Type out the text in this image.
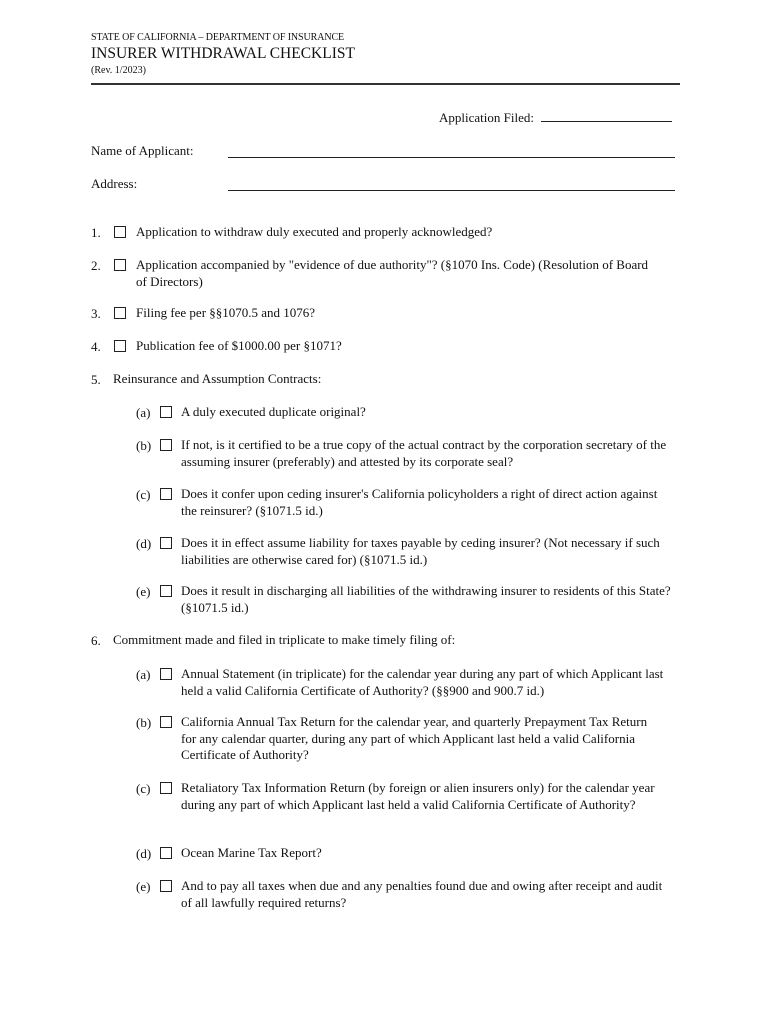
STATE OF CALIFORNIA – DEPARTMENT OF INSURANCE
INSURER WITHDRAWAL CHECKLIST
(Rev. 1/2023)
Application Filed:
Name of Applicant:
Address:
1.	Application to withdraw duly executed and properly acknowledged?
2.	Application accompanied by "evidence of due authority"? (§1070 Ins. Code) (Resolution of Board of Directors)
3.	Filing fee per §§1070.5 and 1076?
4.	Publication fee of $1000.00 per §1071?
5. Reinsurance and Assumption Contracts:
(a) A duly executed duplicate original?
(b) If not, is it certified to be a true copy of the actual contract by the corporation secretary of the assuming insurer (preferably) and attested by its corporate seal?
(c) Does it confer upon ceding insurer's California policyholders a right of direct action against the reinsurer? (§1071.5 id.)
(d) Does it in effect assume liability for taxes payable by ceding insurer? (Not necessary if such liabilities are otherwise cared for) (§1071.5 id.)
(e) Does it result in discharging all liabilities of the withdrawing insurer to residents of this State? (§1071.5 id.)
6. Commitment made and filed in triplicate to make timely filing of:
(a) Annual Statement (in triplicate) for the calendar year during any part of which Applicant last held a valid California Certificate of Authority? (§§900 and 900.7 id.)
(b) California Annual Tax Return for the calendar year, and quarterly Prepayment Tax Return for any calendar quarter, during any part of which Applicant last held a valid California Certificate of Authority?
(c) Retaliatory Tax Information Return (by foreign or alien insurers only) for the calendar year during any part of which Applicant last held a valid California Certificate of Authority?
(d) Ocean Marine Tax Report?
(e) And to pay all taxes when due and any penalties found due and owing after receipt and audit of all lawfully required returns?
